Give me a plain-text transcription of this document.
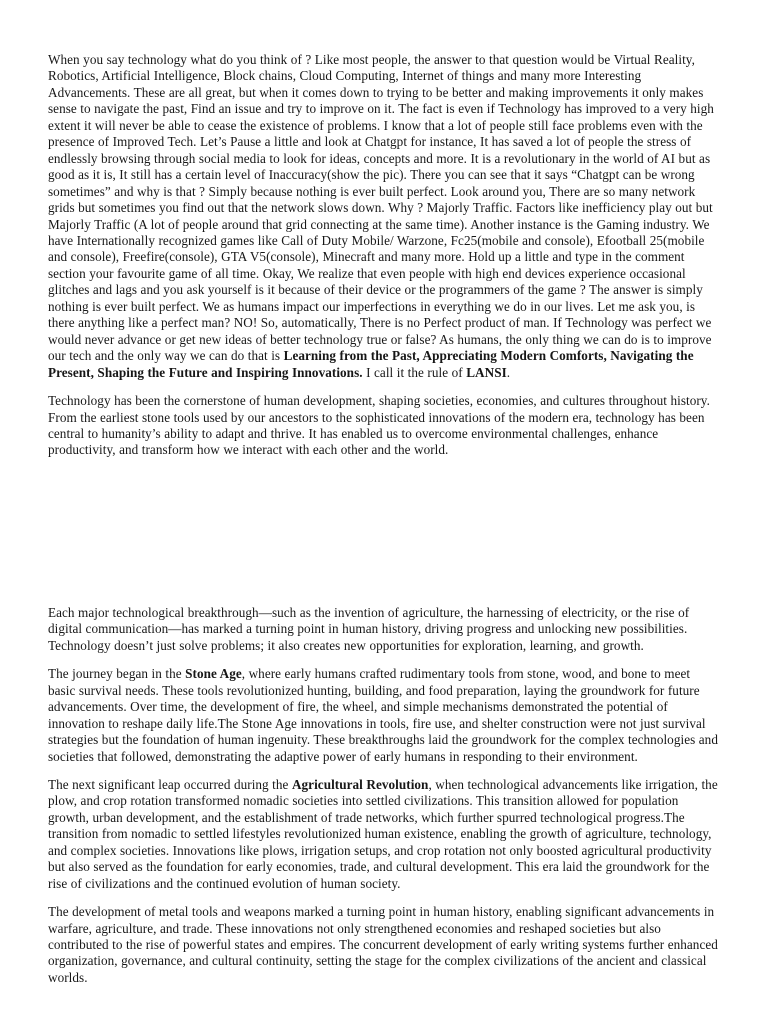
When you say technology what do you think of ? Like most people, the answer to that question would be Virtual Reality, Robotics, Artificial Intelligence, Block chains, Cloud Computing, Internet of things and many more Interesting Advancements. These are all great, but when it comes down to trying to be better and making improvements it only makes sense to navigate the past, Find an issue and try to improve on it. The fact is even if Technology has improved to a very high extent it will never be able to cease the existence of problems. I know that a lot of people still face problems even with the presence of Improved Tech. Let’s Pause a little and look at Chatgpt for instance, It has saved a lot of people the stress of endlessly browsing through social media to look for ideas, concepts and more. It is a revolutionary in the world of AI but as good as it is, It still has a certain level of Inaccuracy(show the pic). There you can see that it says “Chatgpt can be wrong sometimes” and why is that ? Simply because nothing is ever built perfect. Look around you, There are so many network grids but sometimes you find out that the network slows down. Why ? Majorly Traffic. Factors like inefficiency play out but Majorly Traffic (A lot of people around that grid connecting at the same time). Another instance is the Gaming industry. We have Internationally recognized games like Call of Duty Mobile/ Warzone, Fc25(mobile and console), Efootball 25(mobile and console), Freefire(console), GTA V5(console), Minecraft and many more. Hold up a little and type in the comment section your favourite game of all time. Okay, We realize that even people with high end devices experience occasional glitches and lags and you ask yourself is it because of their device or the programmers of the game ? The answer is simply nothing is ever built perfect. We as humans impact our imperfections in everything we do in our lives. Let me ask you, is there anything like a perfect man? NO! So, automatically, There is no Perfect product of man. If Technology was perfect we would never advance or get new ideas of better technology true or false? As humans, the only thing we can do is to improve our tech and the only way we can do that is Learning from the Past, Appreciating Modern Comforts, Navigating the Present, Shaping the Future and Inspiring Innovations. I call it the rule of LANSI.

Technology has been the cornerstone of human development, shaping societies, economies, and cultures throughout history. From the earliest stone tools used by our ancestors to the sophisticated innovations of the modern era, technology has been central to humanity’s ability to adapt and thrive. It has enabled us to overcome environmental challenges, enhance productivity, and transform how we interact with each other and the world.

Each major technological breakthrough—such as the invention of agriculture, the harnessing of electricity, or the rise of digital communication—has marked a turning point in human history, driving progress and unlocking new possibilities. Technology doesn’t just solve problems; it also creates new opportunities for exploration, learning, and growth.

The journey began in the Stone Age, where early humans crafted rudimentary tools from stone, wood, and bone to meet basic survival needs. These tools revolutionized hunting, building, and food preparation, laying the groundwork for future advancements. Over time, the development of fire, the wheel, and simple mechanisms demonstrated the potential of innovation to reshape daily life.The Stone Age innovations in tools, fire use, and shelter construction were not just survival strategies but the foundation of human ingenuity. These breakthroughs laid the groundwork for the complex technologies and societies that followed, demonstrating the adaptive power of early humans in responding to their environment.

The next significant leap occurred during the Agricultural Revolution, when technological advancements like irrigation, the plow, and crop rotation transformed nomadic societies into settled civilizations. This transition allowed for population growth, urban development, and the establishment of trade networks, which further spurred technological progress.The transition from nomadic to settled lifestyles revolutionized human existence, enabling the growth of agriculture, technology, and complex societies. Innovations like plows, irrigation setups, and crop rotation not only boosted agricultural productivity but also served as the foundation for early economies, trade, and cultural development. This era laid the groundwork for the rise of civilizations and the continued evolution of human society.

The development of metal tools and weapons marked a turning point in human history, enabling significant advancements in warfare, agriculture, and trade. These innovations not only strengthened economies and reshaped societies but also contributed to the rise of powerful states and empires. The concurrent development of early writing systems further enhanced organization, governance, and cultural continuity, setting the stage for the complex civilizations of the ancient and classical worlds.
